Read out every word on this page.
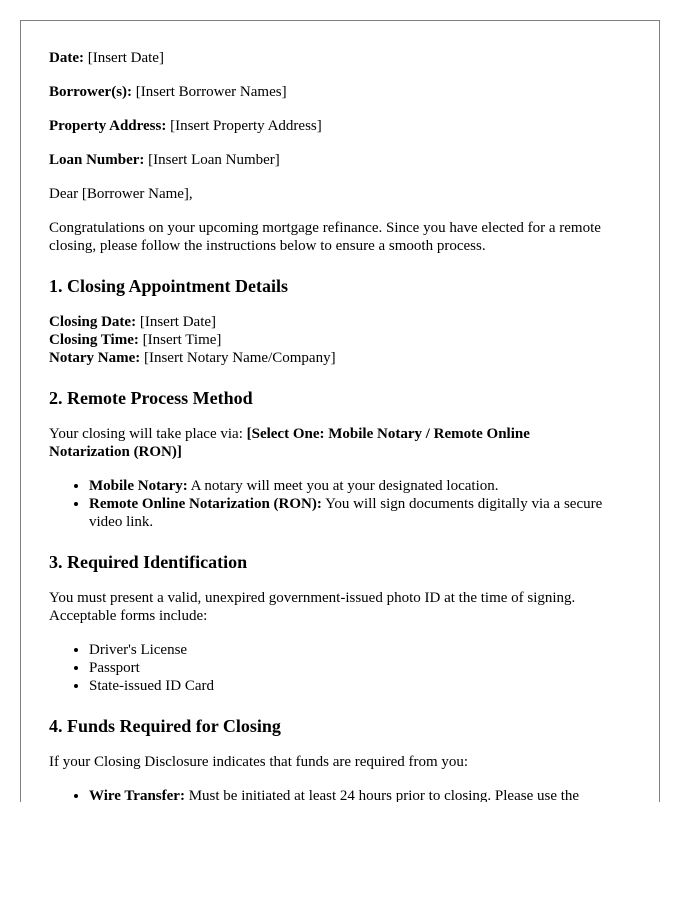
Date: [Insert Date]

Borrower(s): [Insert Borrower Names]

Property Address: [Insert Property Address]

Loan Number: [Insert Loan Number]

Dear [Borrower Name],

Congratulations on your upcoming mortgage refinance. Since you have elected for a remote closing, please follow the instructions below to ensure a smooth process.

1. Closing Appointment Details

Closing Date: [Insert Date]

Closing Time: [Insert Time]

Notary Name: [Insert Notary Name/Company]

2. Remote Process Method

Your closing will take place via: [Select One: Mobile Notary / Remote Online Notarization (RON)]

• Mobile Notary: A notary will meet you at your designated location.
• Remote Online Notarization (RON): You will sign documents digitally via a secure video link.
3. Required Identification

You must present a valid, unexpired government-issued photo ID at the time of signing. Acceptable forms include:

• Driver's License
• Passport
• State-issued ID Card
4. Funds Required for Closing

If your Closing Disclosure indicates that funds are required from you:

• Wire Transfer: Must be initiated at least 24 hours prior to closing. Please use the
